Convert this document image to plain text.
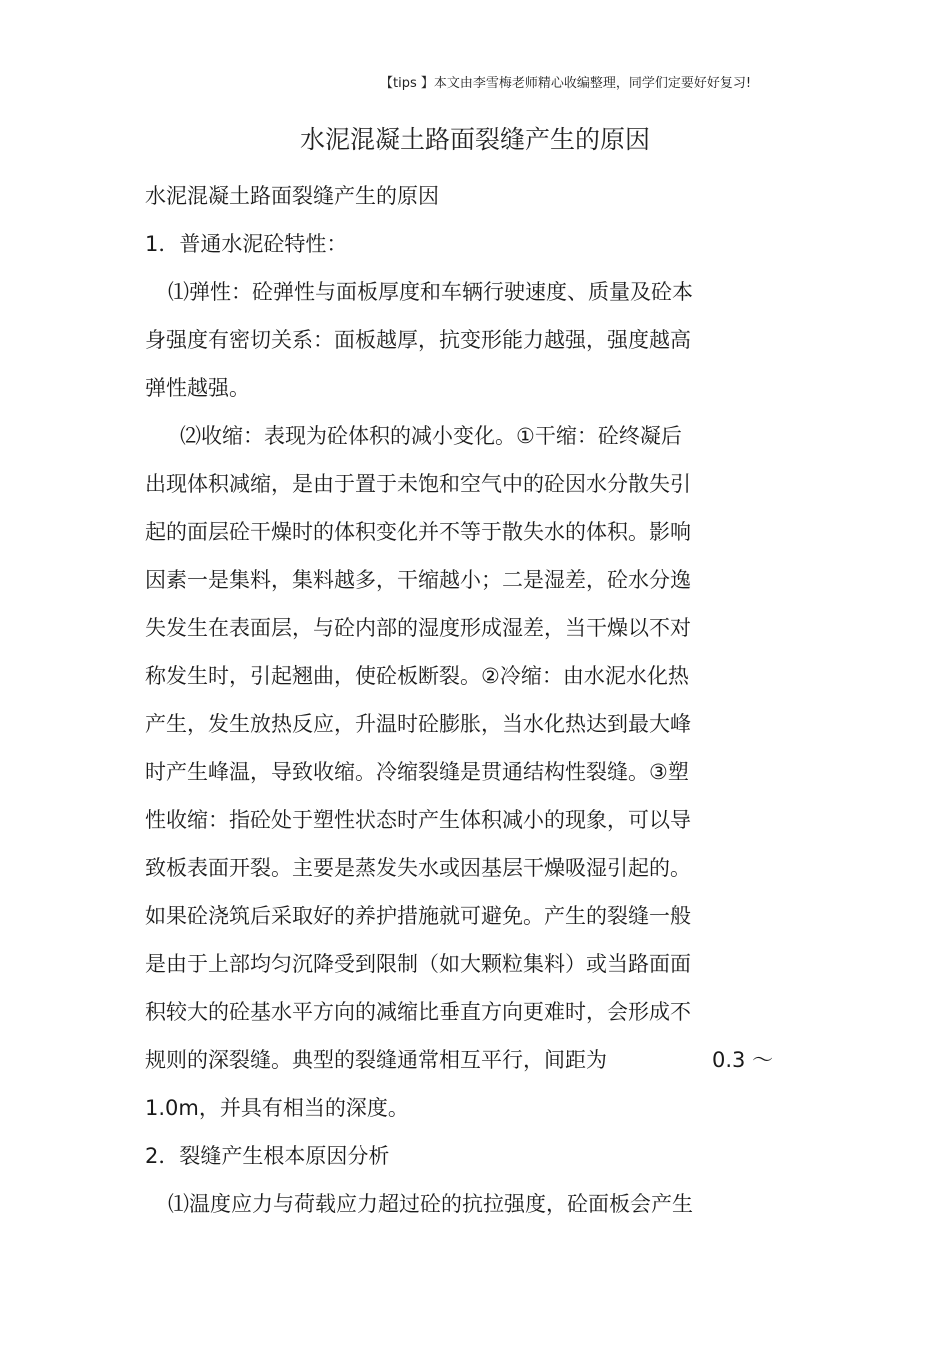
【tips 】本文由李雪梅老师精心收编整理，同学们定要好好复习!
水泥混凝土路面裂缝产生的原因
水泥混凝土路面裂缝产生的原因
1．普通水泥砼特性：
⑴弹性：砼弹性与面板厚度和车辆行驶速度、质量及砼本
身强度有密切关系：面板越厚，抗变形能力越强，强度越高
弹性越强。
⑵收缩：表现为砼体积的减小变化。①干缩：砼终凝后
出现体积减缩，是由于置于未饱和空气中的砼因水分散失引
起的面层砼干燥时的体积变化并不等于散失水的体积。影响
因素一是集料，集料越多，干缩越小；二是湿差，砼水分逸
失发生在表面层，与砼内部的湿度形成湿差，当干燥以不对
称发生时，引起翘曲，使砼板断裂。②冷缩：由水泥水化热
产生，发生放热反应，升温时砼膨胀，当水化热达到最大峰
时产生峰温，导致收缩。冷缩裂缝是贯通结构性裂缝。③塑
性收缩：指砼处于塑性状态时产生体积减小的现象，可以导
致板表面开裂。主要是蒸发失水或因基层干燥吸湿引起的。
如果砼浇筑后采取好的养护措施就可避免。产生的裂缝一般
是由于上部均匀沉降受到限制（如大颗粒集料）或当路面面
积较大的砼基水平方向的减缩比垂直方向更难时，会形成不
规则的深裂缝。典型的裂缝通常相互平行，间距为	0.3 ～
1.0m，并具有相当的深度。
2．裂缝产生根本原因分析
⑴温度应力与荷载应力超过砼的抗拉强度，砼面板会产生
